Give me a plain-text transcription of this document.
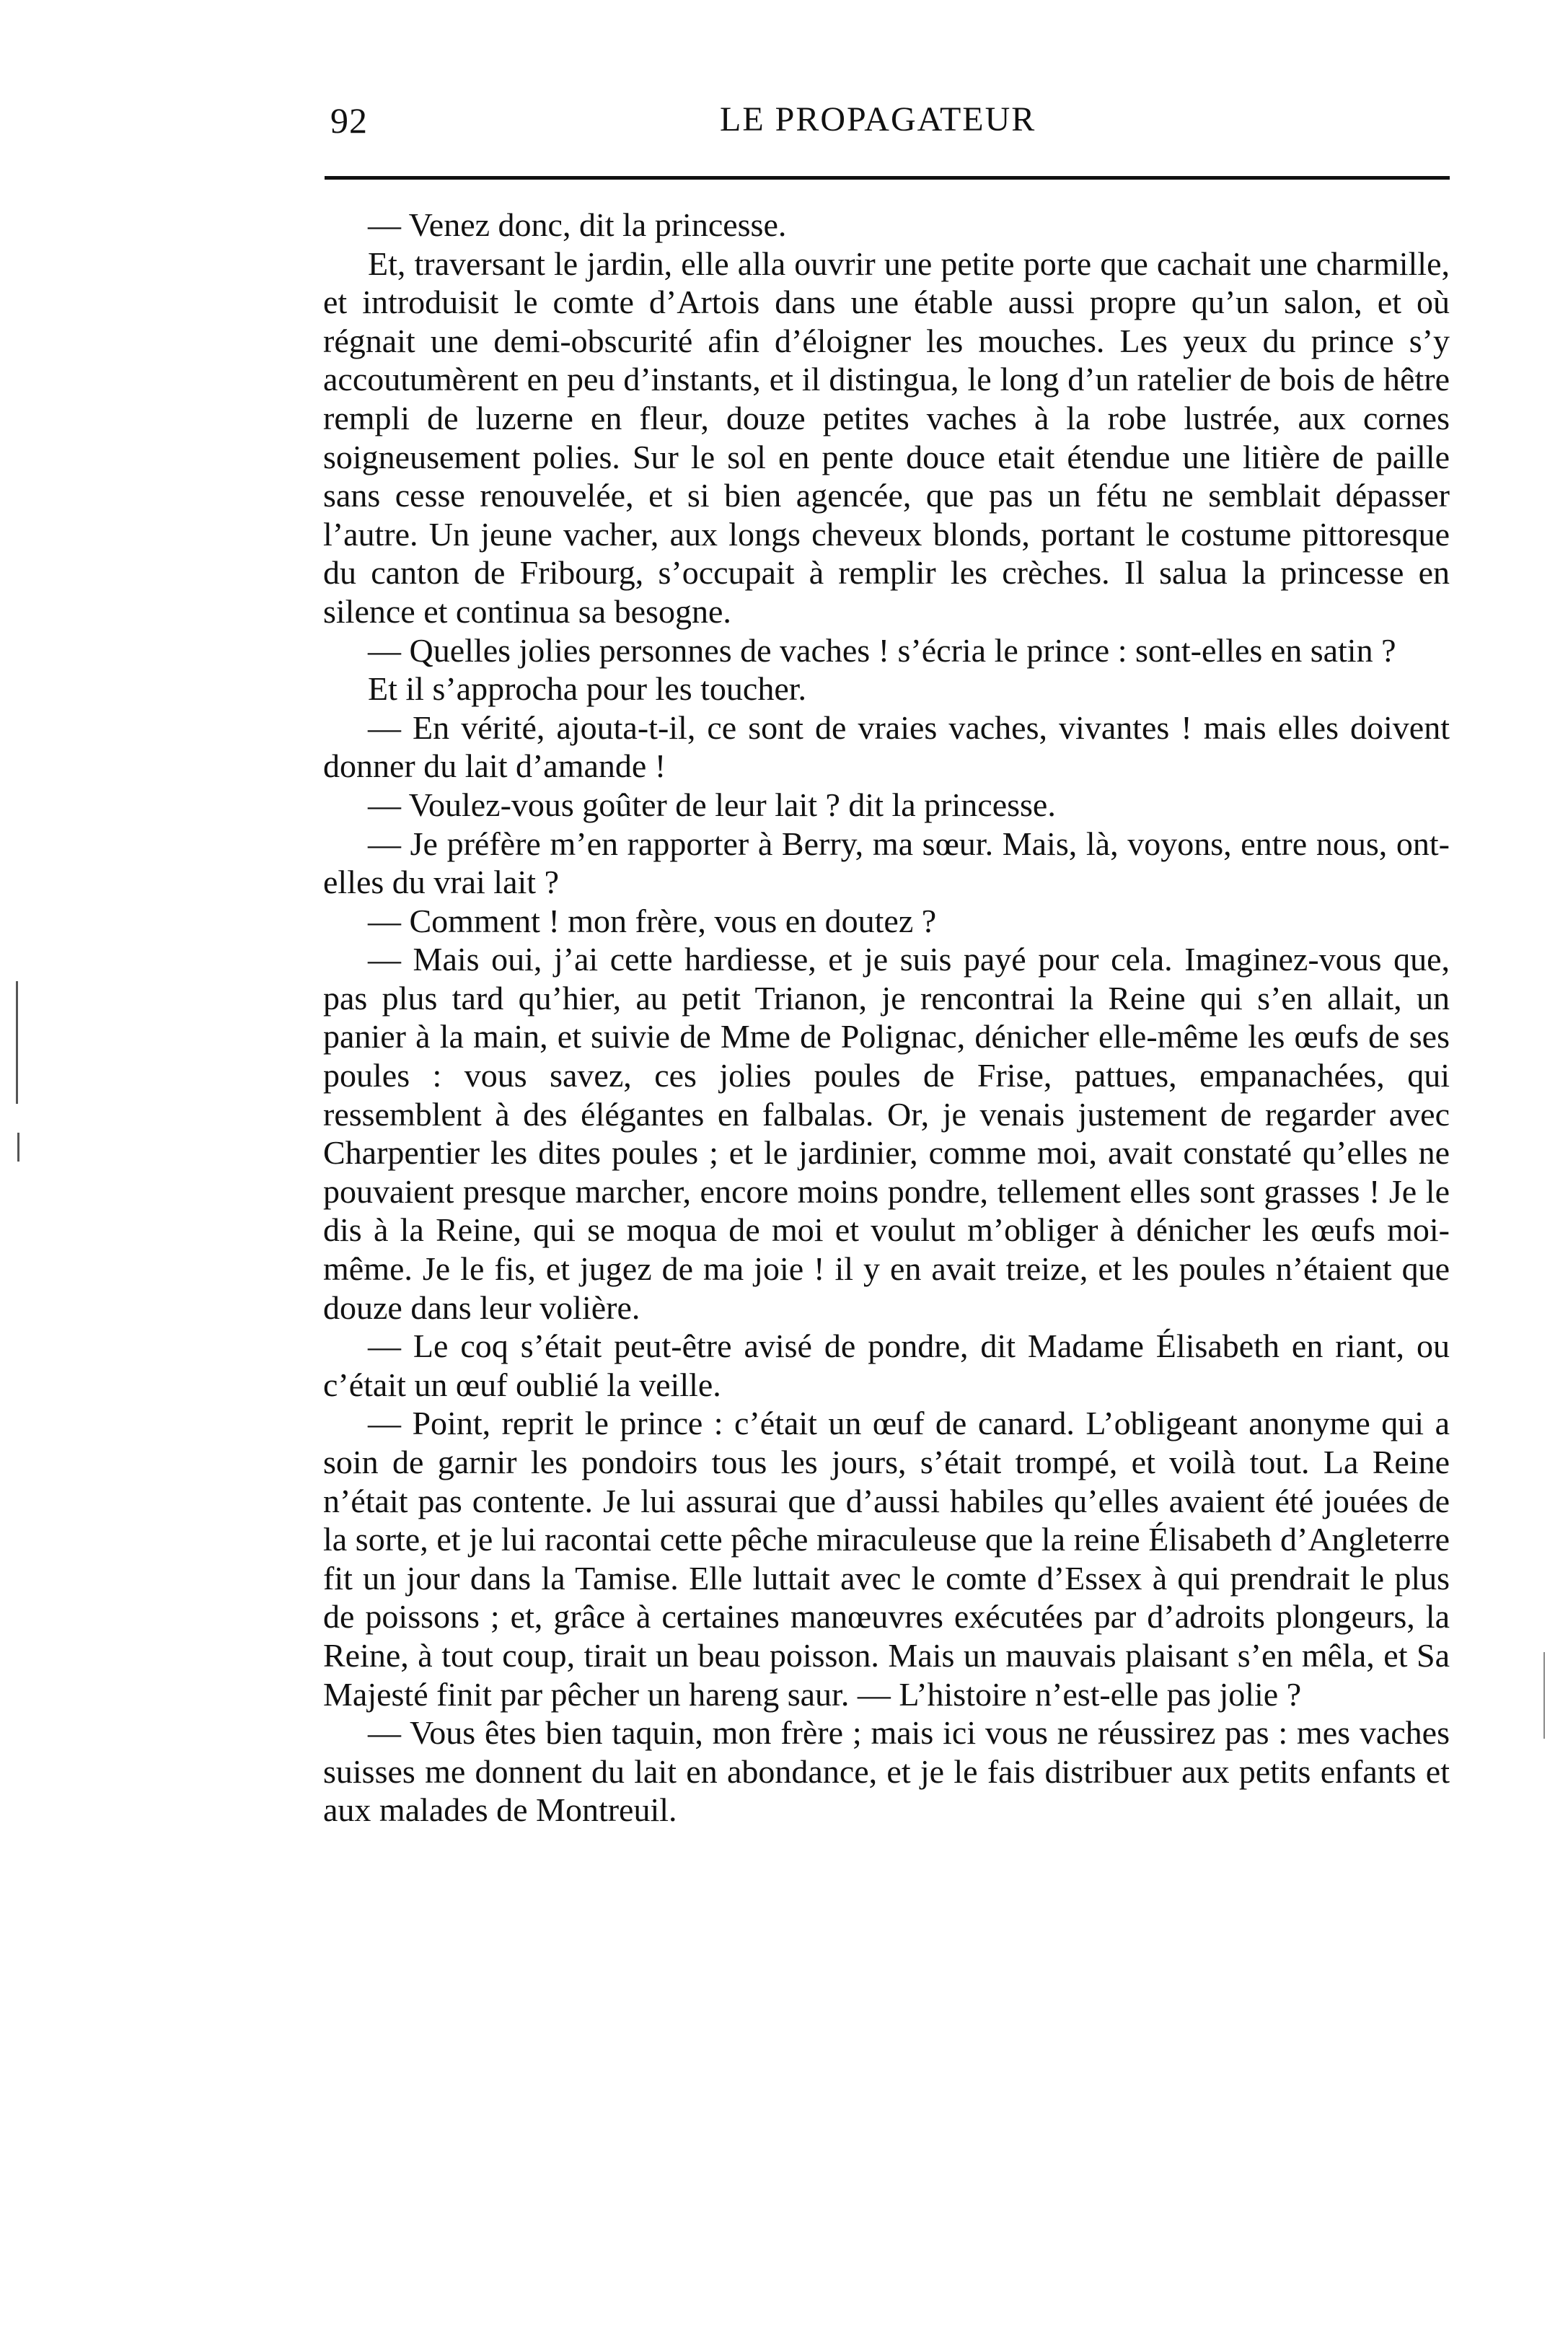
92	LE PROPAGATEUR

— Venez donc, dit la princesse.

Et, traversant le jardin, elle alla ouvrir une petite porte que cachait une charmille, et introduisit le comte d’Artois dans une étable aussi propre qu’un salon, et où régnait une demi-obscurité afin d’éloigner les mouches. Les yeux du prince s’y accoutumèrent en peu d’instants, et il distingua, le long d’un ratelier de bois de hêtre rempli de luzerne en fleur, douze petites vaches à la robe lustrée, aux cornes soigneusement polies. Sur le sol en pente douce etait étendue une litière de paille sans cesse renouvelée, et si bien agencée, que pas un fétu ne semblait dépasser l’autre. Un jeune vacher, aux longs cheveux blonds, portant le costume pittoresque du canton de Fribourg, s’occupait à remplir les crèches. Il salua la princesse en silence et continua sa besogne.

— Quelles jolies personnes de vaches ! s’écria le prince : sont-elles en satin ?

Et il s’approcha pour les toucher.

— En vérité, ajouta-t-il, ce sont de vraies vaches, vivantes ! mais elles doivent donner du lait d’amande !

— Voulez-vous goûter de leur lait ? dit la princesse.

— Je préfère m’en rapporter à Berry, ma sœur. Mais, là, voyons, entre nous, ont-elles du vrai lait ?

— Comment ! mon frère, vous en doutez ?

— Mais oui, j’ai cette hardiesse, et je suis payé pour cela. Imaginez-vous que, pas plus tard qu’hier, au petit Trianon, je rencontrai la Reine qui s’en allait, un panier à la main, et suivie de Mme de Polignac, dénicher elle-même les œufs de ses poules : vous savez, ces jolies poules de Frise, pattues, empanachées, qui ressemblent à des élégantes en falbalas. Or, je venais justement de regarder avec Charpentier les dites poules ; et le jardinier, comme moi, avait constaté qu’elles ne pouvaient presque marcher, encore moins pondre, tellement elles sont grasses ! Je le dis à la Reine, qui se moqua de moi et voulut m’obliger à dénicher les œufs moi-même. Je le fis, et jugez de ma joie ! il y en avait treize, et les poules n’étaient que douze dans leur volière.

— Le coq s’était peut-être avisé de pondre, dit Madame Élisabeth en riant, ou c’était un œuf oublié la veille.

— Point, reprit le prince : c’était un œuf de canard. L’obligeant anonyme qui a soin de garnir les pondoirs tous les jours, s’était trompé, et voilà tout. La Reine n’était pas contente. Je lui assurai que d’aussi habiles qu’elles avaient été jouées de la sorte, et je lui racontai cette pêche miraculeuse que la reine Élisabeth d’Angleterre fit un jour dans la Tamise. Elle luttait avec le comte d’Essex à qui prendrait le plus de poissons ; et, grâce à certaines manœuvres exécutées par d’adroits plongeurs, la Reine, à tout coup, tirait un beau poisson. Mais un mauvais plaisant s’en mêla, et Sa Majesté finit par pêcher un hareng saur. — L’histoire n’est-elle pas jolie ?

— Vous êtes bien taquin, mon frère ; mais ici vous ne réussirez pas : mes vaches suisses me donnent du lait en abondance, et je le fais distribuer aux petits enfants et aux malades de Montreuil.
